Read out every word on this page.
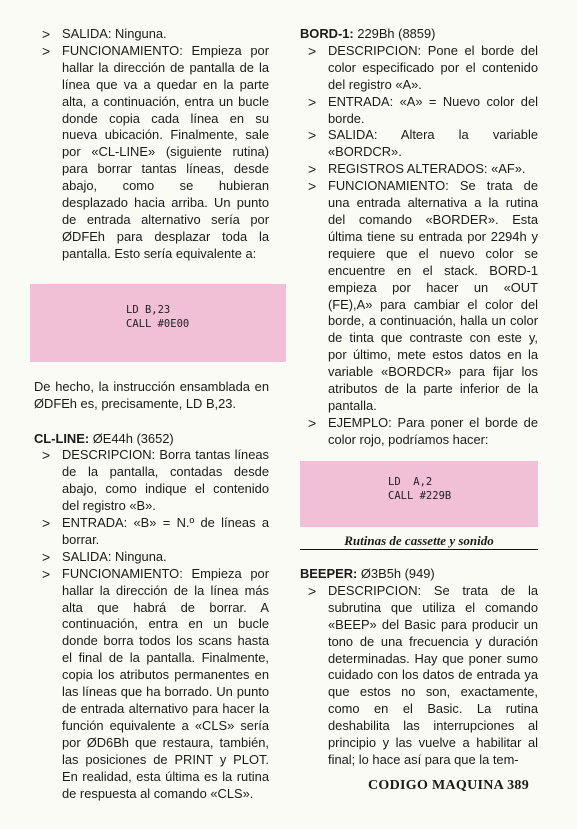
> SALIDA: Ninguna.
> FUNCIONAMIENTO: Empieza por hallar la dirección de pantalla de la línea que va a quedar en la parte alta, a continuación, entra un bucle donde copia cada línea en su nueva ubicación. Finalmente, sale por «CL-LINE» (siguiente rutina) para borrar tantas líneas, desde abajo, como se hubieran desplazado hacia arriba. Un punto de entrada alternativo sería por ØDFEh para desplazar toda la pantalla. Esto sería equivalente a:
LD B,23
CALL #0E00
De hecho, la instrucción ensamblada en ØDFEh es, precisamente, LD B,23.
CL-LINE: ØE44h (3652)
> DESCRIPCION: Borra tantas líneas de la pantalla, contadas desde abajo, como indique el contenido del registro «B».
> ENTRADA: «B» = N.º de líneas a borrar.
> SALIDA: Ninguna.
> FUNCIONAMIENTO: Empieza por hallar la dirección de la línea más alta que habrá de borrar. A continuación, entra en un bucle donde borra todos los scans hasta el final de la pantalla. Finalmente, copia los atributos permanentes en las líneas que ha borrado. Un punto de entrada alternativo para hacer la función equivalente a «CLS» sería por ØD6Bh que restaura, también, las posiciones de PRINT y PLOT. En realidad, esta última es la rutina de respuesta al comando «CLS».
BORD-1: 229Bh (8859)
> DESCRIPCION: Pone el borde del color especificado por el contenido del registro «A».
> ENTRADA: «A» = Nuevo color del borde.
> SALIDA: Altera la variable «BORDCR».
> REGISTROS ALTERADOS: «AF».
> FUNCIONAMIENTO: Se trata de una entrada alternativa a la rutina del comando «BORDER». Esta última tiene su entrada por 2294h y requiere que el nuevo color se encuentre en el stack. BORD-1 empieza por hacer un «OUT (FE),A» para cambiar el color del borde, a continuación, halla un color de tinta que contraste con este y, por último, mete estos datos en la variable «BORDCR» para fijar los atributos de la parte inferior de la pantalla.
> EJEMPLO: Para poner el borde de color rojo, podríamos hacer:
LD  A,2
CALL #229B
Rutinas de cassette y sonido
BEEPER: Ø3B5h (949)
> DESCRIPCION: Se trata de la subrutina que utiliza el comando «BEEP» del Basic para producir un tono de una frecuencia y duración determinadas. Hay que poner sumo cuidado con los datos de entrada ya que estos no son, exactamente, como en el Basic. La rutina deshabilita las interrupciones al principio y las vuelve a habilitar al final; lo hace así para que la tem-
CODIGO MAQUINA 389
